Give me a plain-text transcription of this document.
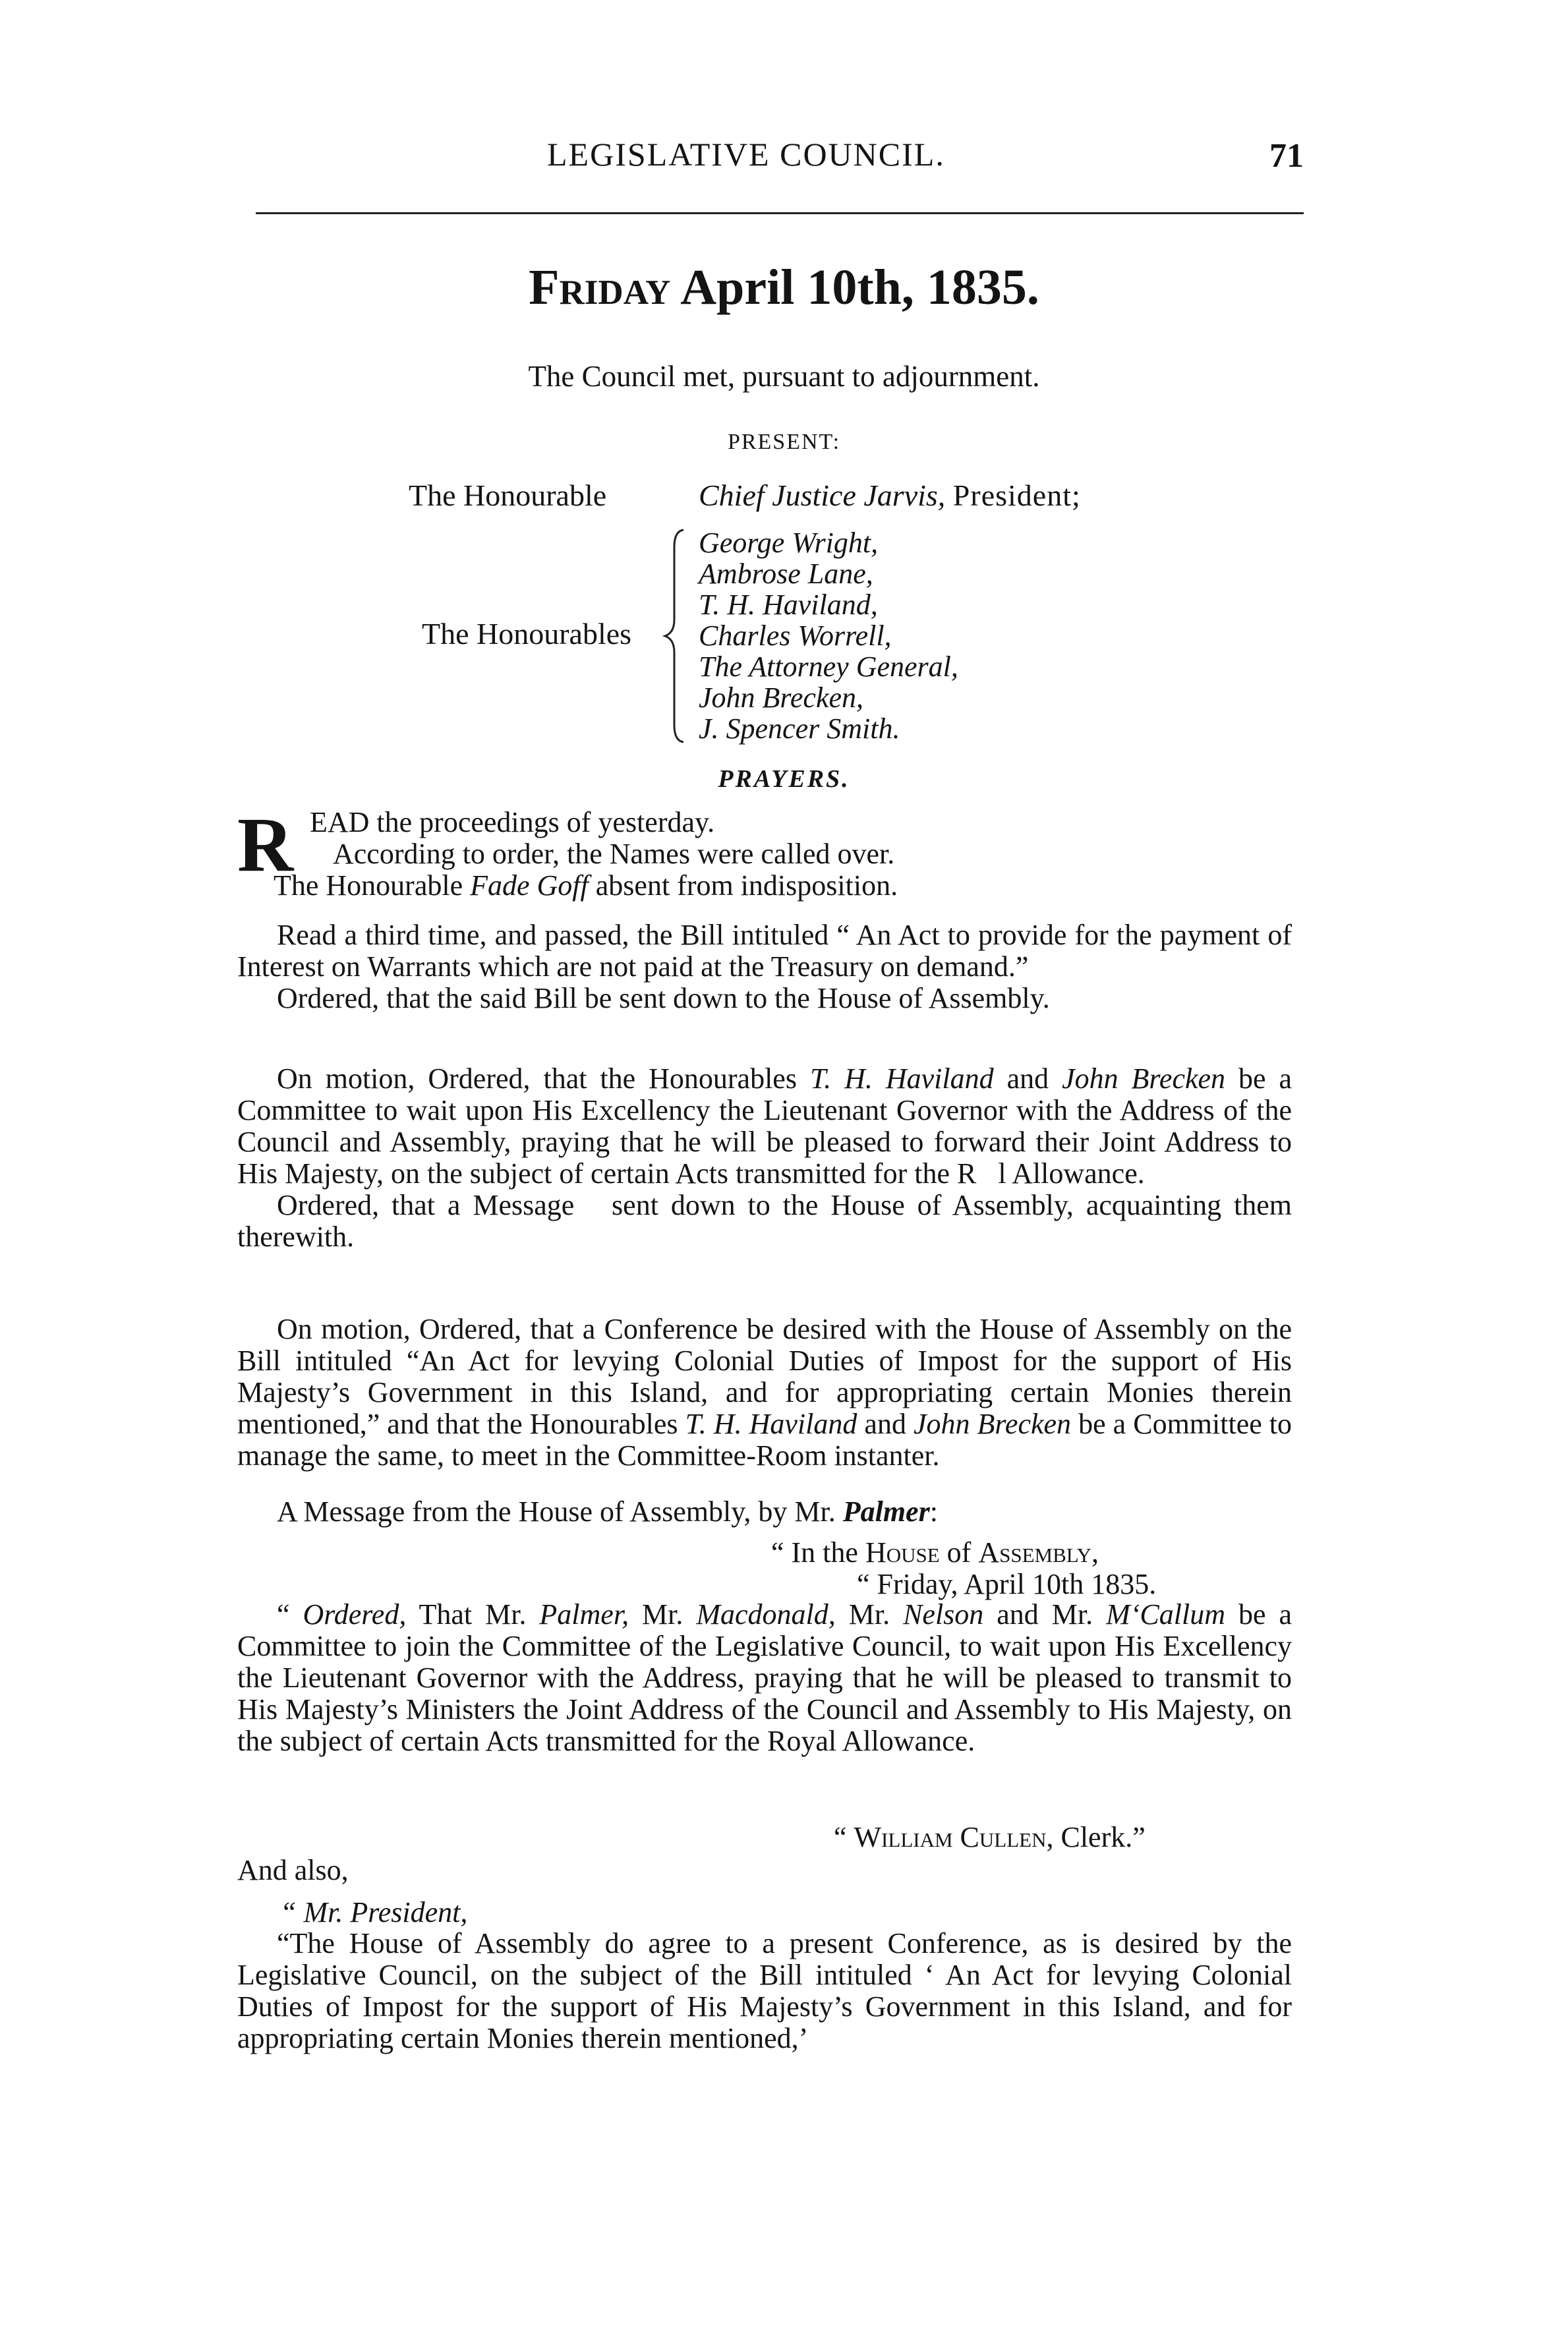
LEGISLATIVE COUNCIL.	71
Friday April 10th, 1835.
The Council met, pursuant to adjournment.
PRESENT:
The Honourable	Chief Justice Jarvis, President;
The Honourables
George Wright,
Ambrose Lane,
T. H. Haviland,
Charles Worrell,
The Attorney General,
John Brecken,
J. Spencer Smith.
PRAYERS.
R EAD the proceedings of yesterday.
According to order, the Names were called over.
The Honourable Fade Goff absent from indisposition.

Read a third time, and passed, the Bill intituled “ An Act to provide for the payment of Interest on Warrants which are not paid at the Treasury on demand.”

Ordered, that the said Bill be sent down to the House of Assembly.

On motion, Ordered, that the Honourables T. H. Haviland and John Brecken be a Committee to wait upon His Excellency the Lieutenant Governor with the Address of the Council and Assembly, praying that he will be pleased to forward their Joint Address to His Majesty, on the subject of certain Acts transmitted for the R   l Allowance.

Ordered, that a Message   sent down to the House of Assembly, acquainting them therewith.

On motion, Ordered, that a Conference be desired with the House of Assembly on the Bill intituled “An Act for levying Colonial Duties of Impost for the support of His Majesty’s Government in this Island, and for appropriating certain Monies therein mentioned,” and that the Honourables T. H. Haviland and John Brecken be a Committee to manage the same, to meet in the Committee-Room instanter.

A Message from the House of Assembly, by Mr. Palmer:

“ In the House of Assembly,
“ Friday, April 10th 1835.

“ Ordered, That Mr. Palmer, Mr. Macdonald, Mr. Nelson and Mr. M‘Callum be a Committee to join the Committee of the Legislative Council, to wait upon His Excellency the Lieutenant Governor with the Address, praying that he will be pleased to transmit to His Majesty’s Ministers the Joint Address of the Council and Assembly to His Majesty, on the subject of certain Acts transmitted for the Royal Allowance.

“ William Cullen, Clerk.”
And also,
“ Mr. President,

“The House of Assembly do agree to a present Conference, as is desired by the Legislative Council, on the subject of the Bill intituled ‘ An Act for levying Colonial Duties of Impost for the support of His Majesty’s Government in this Island, and for appropriating certain Monies therein mentioned,’
